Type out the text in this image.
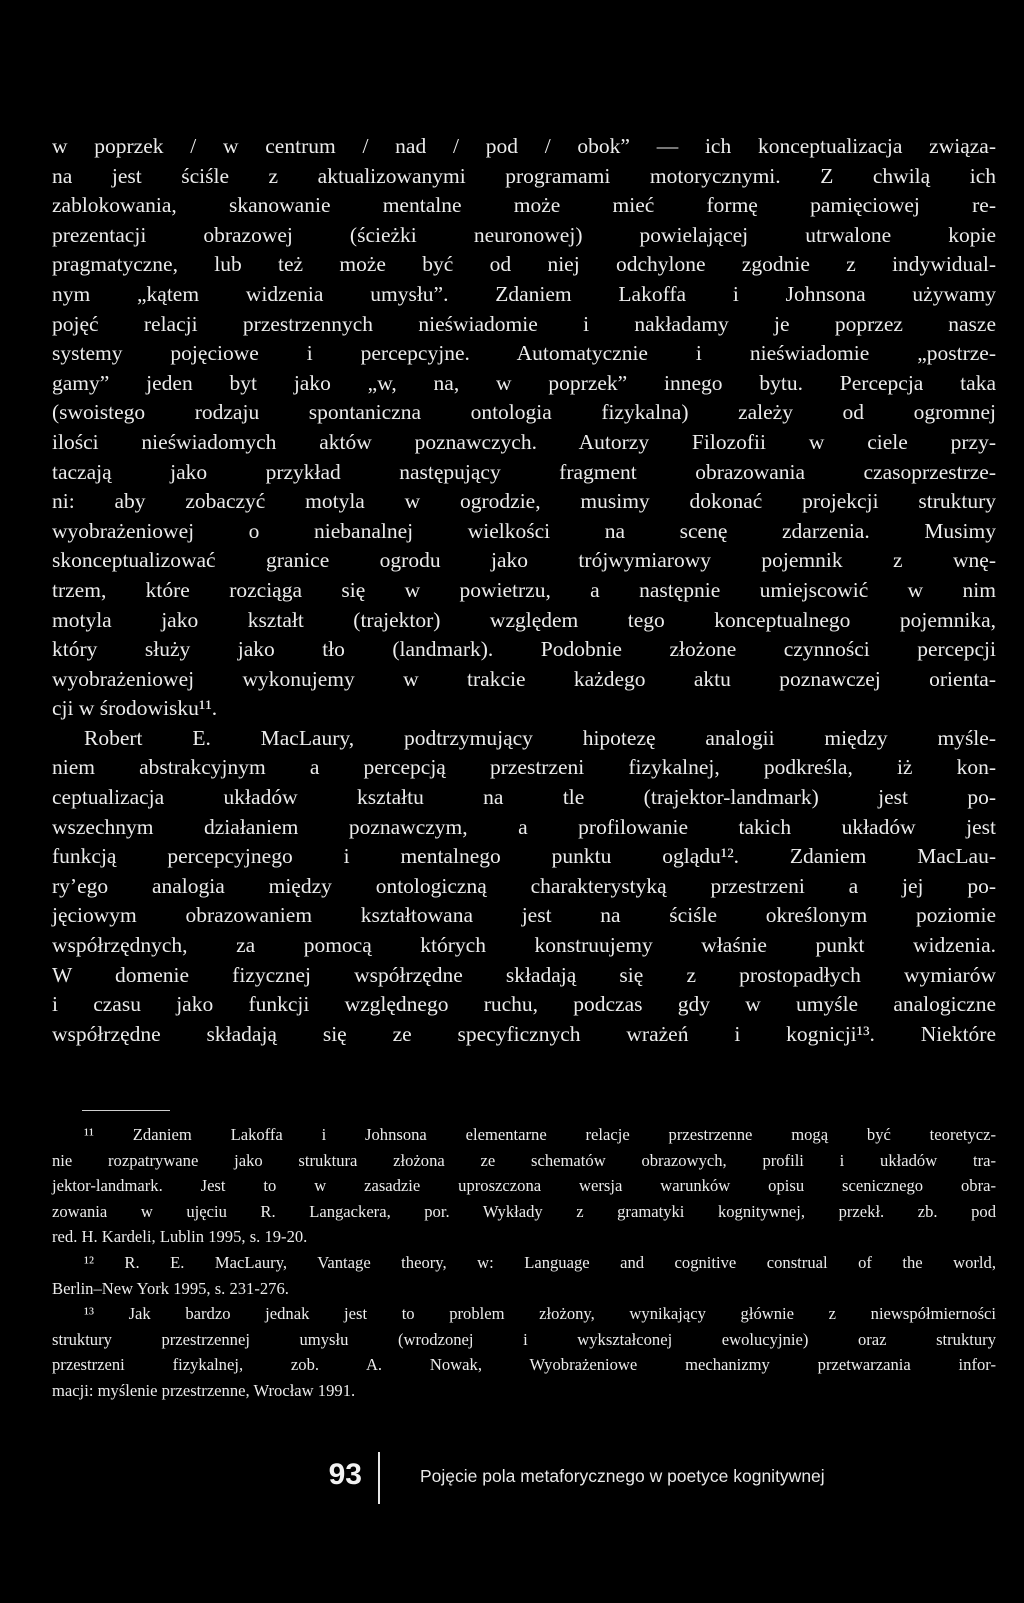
w poprzek / w centrum / nad / pod / obok” — ich konceptualizacja związa-
na jest ściśle z aktualizowanymi programami motorycznymi. Z chwilą ich
zablokowania, skanowanie mentalne może mieć formę pamięciowej re-
prezentacji obrazowej (ścieżki neuronowej) powielającej utrwalone kopie
pragmatyczne, lub też może być od niej odchylone zgodnie z indywidual-
nym „kątem widzenia umysłu”. Zdaniem Lakoffa i Johnsona używamy
pojęć relacji przestrzennych nieświadomie i nakładamy je poprzez nasze
systemy pojęciowe i percepcyjne. Automatycznie i nieświadomie „postrze-
gamy” jeden byt jako „w, na, w poprzek” innego bytu. Percepcja taka
(swoistego rodzaju spontaniczna ontologia fizykalna) zależy od ogromnej
ilości nieświadomych aktów poznawczych. Autorzy Filozofii w ciele przy-
taczają jako przykład następujący fragment obrazowania czasoprzestrze-
ni: aby zobaczyć motyla w ogrodzie, musimy dokonać projekcji struktury
wyobrażeniowej o niebanalnej wielkości na scenę zdarzenia. Musimy
skonceptualizować granice ogrodu jako trójwymiarowy pojemnik z wnę-
trzem, które rozciąga się w powietrzu, a następnie umiejscowić w nim
motyla jako kształt (trajektor) względem tego konceptualnego pojemnika,
który służy jako tło (landmark). Podobnie złożone czynności percepcji
wyobrażeniowej wykonujemy w trakcie każdego aktu poznawczej orienta-
cji w środowisku¹¹.
Robert E. MacLaury, podtrzymujący hipotezę analogii między myśle-
niem abstrakcyjnym a percepcją przestrzeni fizykalnej, podkreśla, iż kon-
ceptualizacja układów kształtu na tle (trajektor-landmark) jest po-
wszechnym działaniem poznawczym, a profilowanie takich układów jest
funkcją percepcyjnego i mentalnego punktu oglądu¹². Zdaniem MacLau-
ry’ego analogia między ontologiczną charakterystyką przestrzeni a jej po-
jęciowym obrazowaniem kształtowana jest na ściśle określonym poziomie
współrzędnych, za pomocą których konstruujemy właśnie punkt widzenia.
W domenie fizycznej współrzędne składają się z prostopadłych wymiarów
i czasu jako funkcji względnego ruchu, podczas gdy w umyśle analogiczne
współrzędne składają się ze specyficznych wrażeń i kognicji¹³. Niektóre
¹¹ Zdaniem Lakoffa i Johnsona elementarne relacje przestrzenne mogą być teoretycz-
nie rozpatrywane jako struktura złożona ze schematów obrazowych, profili i układów tra-
jektor-landmark. Jest to w zasadzie uproszczona wersja warunków opisu scenicznego obra-
zowania w ujęciu R. Langackera, por. Wykłady z gramatyki kognitywnej, przekł. zb. pod
red. H. Kardeli, Lublin 1995, s. 19-20.
¹² R. E. MacLaury, Vantage theory, w: Language and cognitive construal of the world,
Berlin–New York 1995, s. 231-276.
¹³ Jak bardzo jednak jest to problem złożony, wynikający głównie z niewspółmierności
struktury przestrzennej umysłu (wrodzonej i wykształconej ewolucyjnie) oraz struktury
przestrzeni fizykalnej, zob. A. Nowak, Wyobrażeniowe mechanizmy przetwarzania infor-
macji: myślenie przestrzenne, Wrocław 1991.
93	Pojęcie pola metaforycznego w poetyce kognitywnej
